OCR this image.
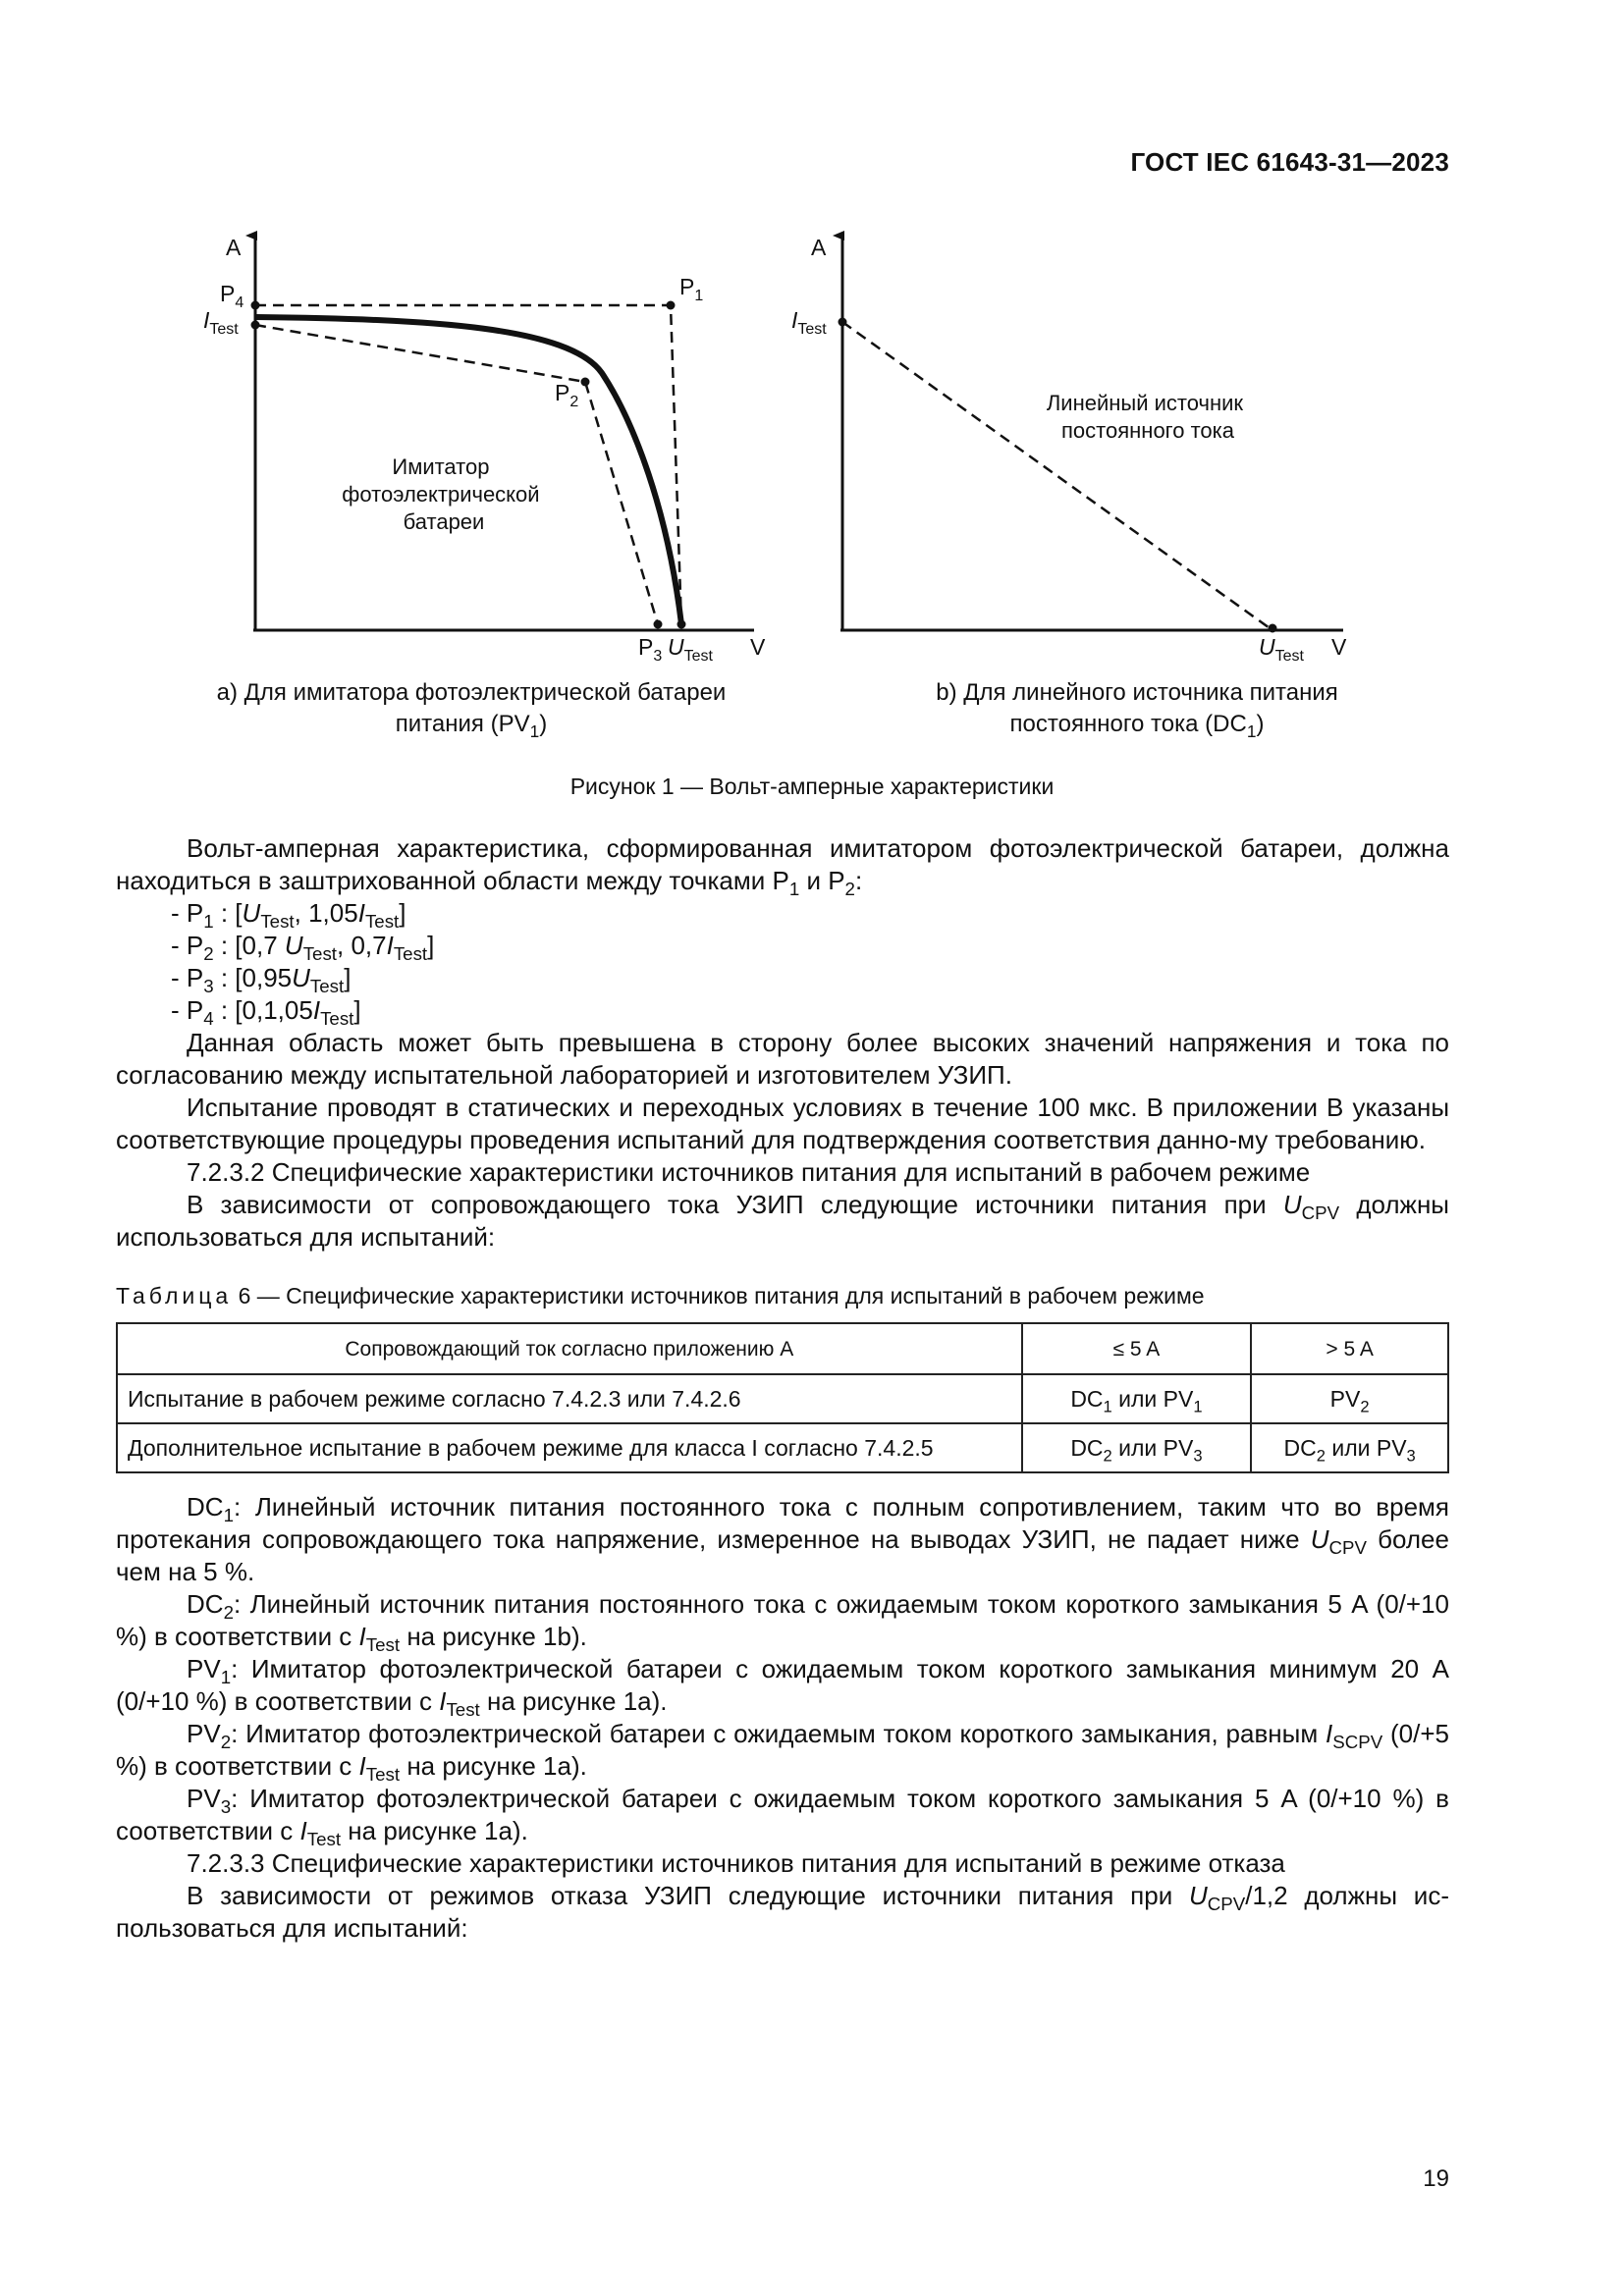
ГОСТ IEC 61643-31—2023
A
V
$P_4$
$I_{Test}$
$P_1$
$P_2$
$P_3$ $U_{Test}$
Имитатор фотоэлектрической батареи
A
V
$I_{Test}$
$U_{Test}$
Линейный источник постоянного тока
a) Для имитатора фотоэлектрической батареи
питания $(PV_1)$
b) Для линейного источника питания
постоянного тока $(DC_1)$
Рисунок 1 — Вольт-амперные характеристики

Вольт-амперная характеристика, сформированная имитатором фотоэлектрической батареи, должна находиться в заштрихованной области между точками $P_1$ и $P_2$:

- $P_1$ : [$U_{Test}$, $1,05I_{Test}$]

- $P_2$ : [0,7 $U_{Test}$, $0,7I_{Test}$]

- $P_3$ : $[0,95U_{Test}]$

- $P_4$ : $[0,1,05I_{Test}]$

Данная область может быть превышена в сторону более высоких значений напряжения и тока по согласованию между испытательной лабораторией и изготовителем УЗИП.

Испытание проводят в статических и переходных условиях в течение 100 мкс. В приложении В указаны соответствующие процедуры проведения испытаний для подтверждения соответствия данно-му требованию.

7.2.3.2 Специфические характеристики источников питания для испытаний в рабочем режиме

В зависимости от сопровождающего тока УЗИП следующие источники питания при $U_{CPV}$ должны использоваться для испытаний:

Таблица 6 — Специфические характеристики источников питания для испытаний в рабочем режиме
Сопровождающий ток согласно приложению А	≤ 5 A	> 5 A
Испытание в рабочем режиме согласно 7.4.2.3 или 7.4.2.6	$DC_1$ или $PV_1$	$PV_2$
Дополнительное испытание в рабочем режиме для класса I согласно 7.4.2.5	$DC_2$ или $PV_3$	$DC_2$ или $PV_3$

$DC_1$: Линейный источник питания постоянного тока с полным сопротивлением, таким что во время протекания сопровождающего тока напряжение, измеренное на выводах УЗИП, не падает ниже $U_{CPV}$ более чем на 5 %.

$DC_2$: Линейный источник питания постоянного тока с ожидаемым током короткого замыкания 5 A (0/+10 %) в соответствии с $I_{Test}$ на рисунке 1b).

$PV_1$: Имитатор фотоэлектрической батареи с ожидаемым током короткого замыкания минимум 20 A (0/+10 %) в соответствии с $I_{Test}$ на рисунке 1а).

$PV_2$: Имитатор фотоэлектрической батареи с ожидаемым током короткого замыкания, равным $I_{SCPV}$ (0/+5 %) в соответствии с $I_{Test}$ на рисунке 1а).

$PV_3$: Имитатор фотоэлектрической батареи с ожидаемым током короткого замыкания 5 A (0/+10 %) в соответствии с $I_{Test}$ на рисунке 1а).

7.2.3.3 Специфические характеристики источников питания для испытаний в режиме отказа

В зависимости от режимов отказа УЗИП следующие источники питания при $U_{CPV}/1,2$ должны ис-пользоваться для испытаний:

19
